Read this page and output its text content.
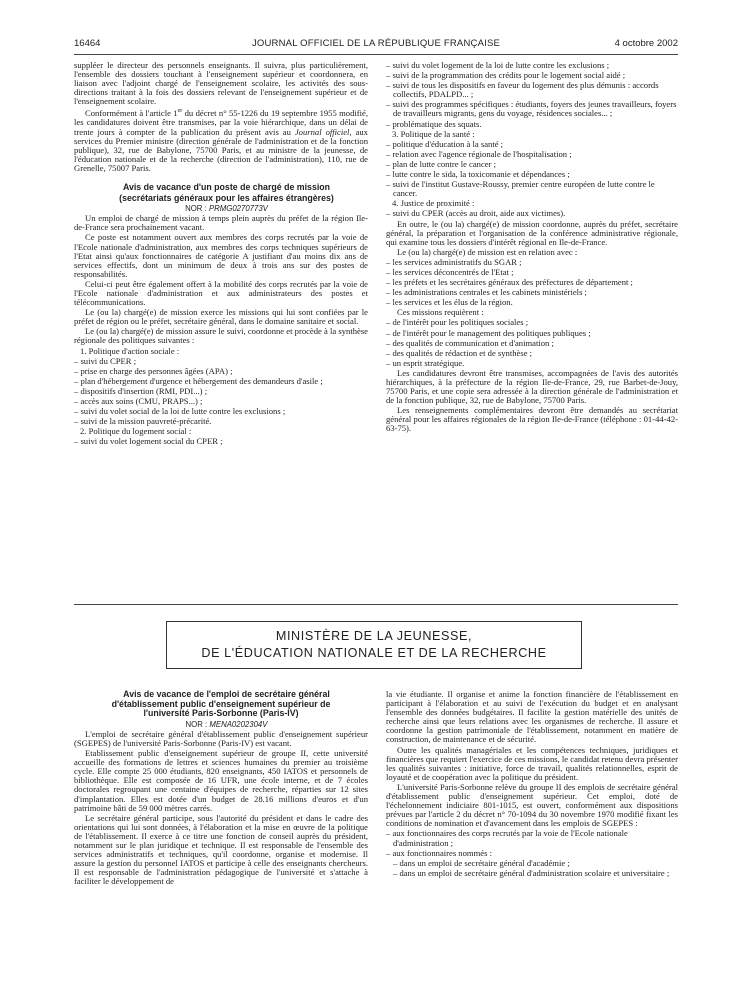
16464	JOURNAL OFFICIEL DE LA RÉPUBLIQUE FRANÇAISE	4 octobre 2002

suppléer le directeur des personnels enseignants. Il suivra, plus particulièrement, l'ensemble des dossiers touchant à l'enseignement supérieur et coordonnera, en liaison avec l'adjoint chargé de l'enseignement scolaire, les activités des sous-directions traitant à la fois des dossiers relevant de l'enseignement supérieur et de l'enseignement scolaire.

Conformément à l'article 1er du décret n° 55-1226 du 19 septembre 1955 modifié, les candidatures doivent être transmises, par la voie hiérarchique, dans un délai de trente jours à compter de la publication du présent avis au Journal officiel, aux services du Premier ministre (direction générale de l'administration et de la fonction publique), 32, rue de Babylone, 75700 Paris, et au ministre de la jeunesse, de l'éducation nationale et de la recherche (direction de l'administration), 110, rue de Grenelle, 75007 Paris.

Avis de vacance d'un poste de chargé de mission

(secrétariats généraux pour les affaires étrangères)

NOR : PRMG0270773V

Un emploi de chargé de mission à temps plein auprès du préfet de la région Ile-de-France sera prochainement vacant.

Ce poste est notamment ouvert aux membres des corps recrutés par la voie de l'Ecole nationale d'administration, aux membres des corps techniques supérieurs de l'Etat ainsi qu'aux fonctionnaires de catégorie A justifiant d'au moins dix ans de services effectifs, dont un minimum de deux à trois ans sur des postes de responsabilités.

Celui-ci peut être également offert à la mobilité des corps recrutés par la voie de l'Ecole nationale d'administration et aux administrateurs des postes et télécommunications.

Le (ou la) chargé(e) de mission exerce les missions qui lui sont confiées par le préfet de région ou le préfet, secrétaire général, dans le domaine sanitaire et social.

Le (ou la) chargé(e) de mission assure le suivi, coordonne et procède à la synthèse régionale des politiques suivantes :

1. Politique d'action sociale :
– suivi du CPER ;
– prise en charge des personnes âgées (APA) ;
– plan d'hébergement d'urgence et hébergement des demandeurs d'asile ;
– dispositifs d'insertion (RMI, PDI...) ;
– accès aux soins (CMU, PRAPS...) ;
– suivi du volet social de la loi de lutte contre les exclusions ;
– suivi de la mission pauvreté-précarité.
2. Politique du logement social :
– suivi du volet logement social du CPER ;
– suivi du volet logement de la loi de lutte contre les exclusions ;
– suivi de la programmation des crédits pour le logement social aidé ;
– suivi de tous les dispositifs en faveur du logement des plus démunis : accords collectifs, PDALPD... ;
– suivi des programmes spécifiques : étudiants, foyers des jeunes travailleurs, foyers de travailleurs migrants, gens du voyage, résidences sociales... ;
– problématique des squats.
3. Politique de la santé :
– politique d'éducation à la santé ;
– relation avec l'agence régionale de l'hospitalisation ;
– plan de lutte contre le cancer ;
– lutte contre le sida, la toxicomanie et dépendances ;
– suivi de l'institut Gustave-Roussy, premier centre européen de lutte contre le cancer.
4. Justice de proximité :
– suivi du CPER (accès au droit, aide aux victimes).

En outre, le (ou la) chargé(e) de mission coordonne, auprès du préfet, secrétaire général, la préparation et l'organisation de la conférence administrative régionale, qui examine tous les dossiers d'intérêt régional en Ile-de-France.

Le (ou la) chargé(e) de mission est en relation avec :

– les services administratifs du SGAR ;
– les services déconcentrés de l'Etat ;
– les préfets et les secrétaires généraux des préfectures de département ;
– les administrations centrales et les cabinets ministériels ;
– les services et les élus de la région.

Ces missions requièrent :

– de l'intérêt pour les politiques sociales ;
– de l'intérêt pour le management des politiques publiques ;
– des qualités de communication et d'animation ;
– des qualités de rédaction et de synthèse ;
– un esprit stratégique.

Les candidatures devront être transmises, accompagnées de l'avis des autorités hiérarchiques, à la préfecture de la région Ile-de-France, 29, rue Barbet-de-Jouy, 75700 Paris, et une copie sera adressée à la direction générale de l'administration et de la fonction publique, 32, rue de Babylone, 75700 Paris.

Les renseignements complémentaires devront être demandés au secrétariat général pour les affaires régionales de la région Ile-de-France (téléphone : 01-44-42-63-75).

MINISTÈRE DE LA JEUNESSE,
DE L'ÉDUCATION NATIONALE ET DE LA RECHERCHE

Avis de vacance de l'emploi de secrétaire général d'établissement public d'enseignement supérieur de l'université Paris-Sorbonne (Paris-IV)

NOR : MENA0202304V

L'emploi de secrétaire général d'établissement public d'enseignement supérieur (SGEPES) de l'université Paris-Sorbonne (Paris-IV) est vacant.

Etablissement public d'enseignement supérieur de groupe II, cette université accueille des formations de lettres et sciences humaines du premier au troisième cycle. Elle compte 25 000 étudiants, 820 enseignants, 450 IATOS et personnels de bibliothèque. Elle est composée de 16 UFR, une école interne, et de 7 écoles doctorales regroupant une centaine d'équipes de recherche, réparties sur 12 sites d'implantation. Elles est dotée d'un budget de 28.16 millions d'euros et d'un patrimoine bâti de 59 000 mètres carrés.

Le secrétaire général participe, sous l'autorité du président et dans le cadre des orientations qui lui sont données, à l'élaboration et la mise en œuvre de la politique de l'établissement. Il exerce à ce titre une fonction de conseil auprès du président, notamment sur le plan juridique et technique. Il est responsable de l'ensemble des services administratifs et techniques, qu'il coordonne, organise et modernise. Il assure la gestion du personnel IATOS et participe à celle des enseignants chercheurs. Il est responsable de l'administration pédagogique de l'université et s'attache à faciliter le développement de

la vie étudiante. Il organise et anime la fonction financière de l'établissement en participant à l'élaboration et au suivi de l'exécution du budget et en analysant l'ensemble des données budgétaires. Il facilite la gestion matérielle des unités de recherche ainsi que leurs relations avec les organismes de recherche. Il assure et coordonne la gestion patrimoniale de l'établissement, notamment en matière de construction, de maintenance et de sécurité.

Outre les qualités managériales et les compétences techniques, juridiques et financières que requiert l'exercice de ces missions, le candidat retenu devra présenter les qualités suivantes : initiative, force de travail, qualités relationnelles, esprit de loyauté et de coopération avec la politique du président.

L'université Paris-Sorbonne relève du groupe II des emplois de secrétaire général d'établissement public d'enseignement supérieur. Cet emploi, doté de l'échelonnement indiciaire 801-1015, est ouvert, conformément aux dispositions prévues par l'article 2 du décret n° 70-1094 du 30 novembre 1970 modifié fixant les conditions de nomination et d'avancement dans les emplois de SGEPES :

– aux fonctionnaires des corps recrutés par la voie de l'Ecole nationale d'administration ;
– aux fonctionnaires nommés :
– dans un emploi de secrétaire général d'académie ;
– dans un emploi de secrétaire général d'administration scolaire et universitaire ;
